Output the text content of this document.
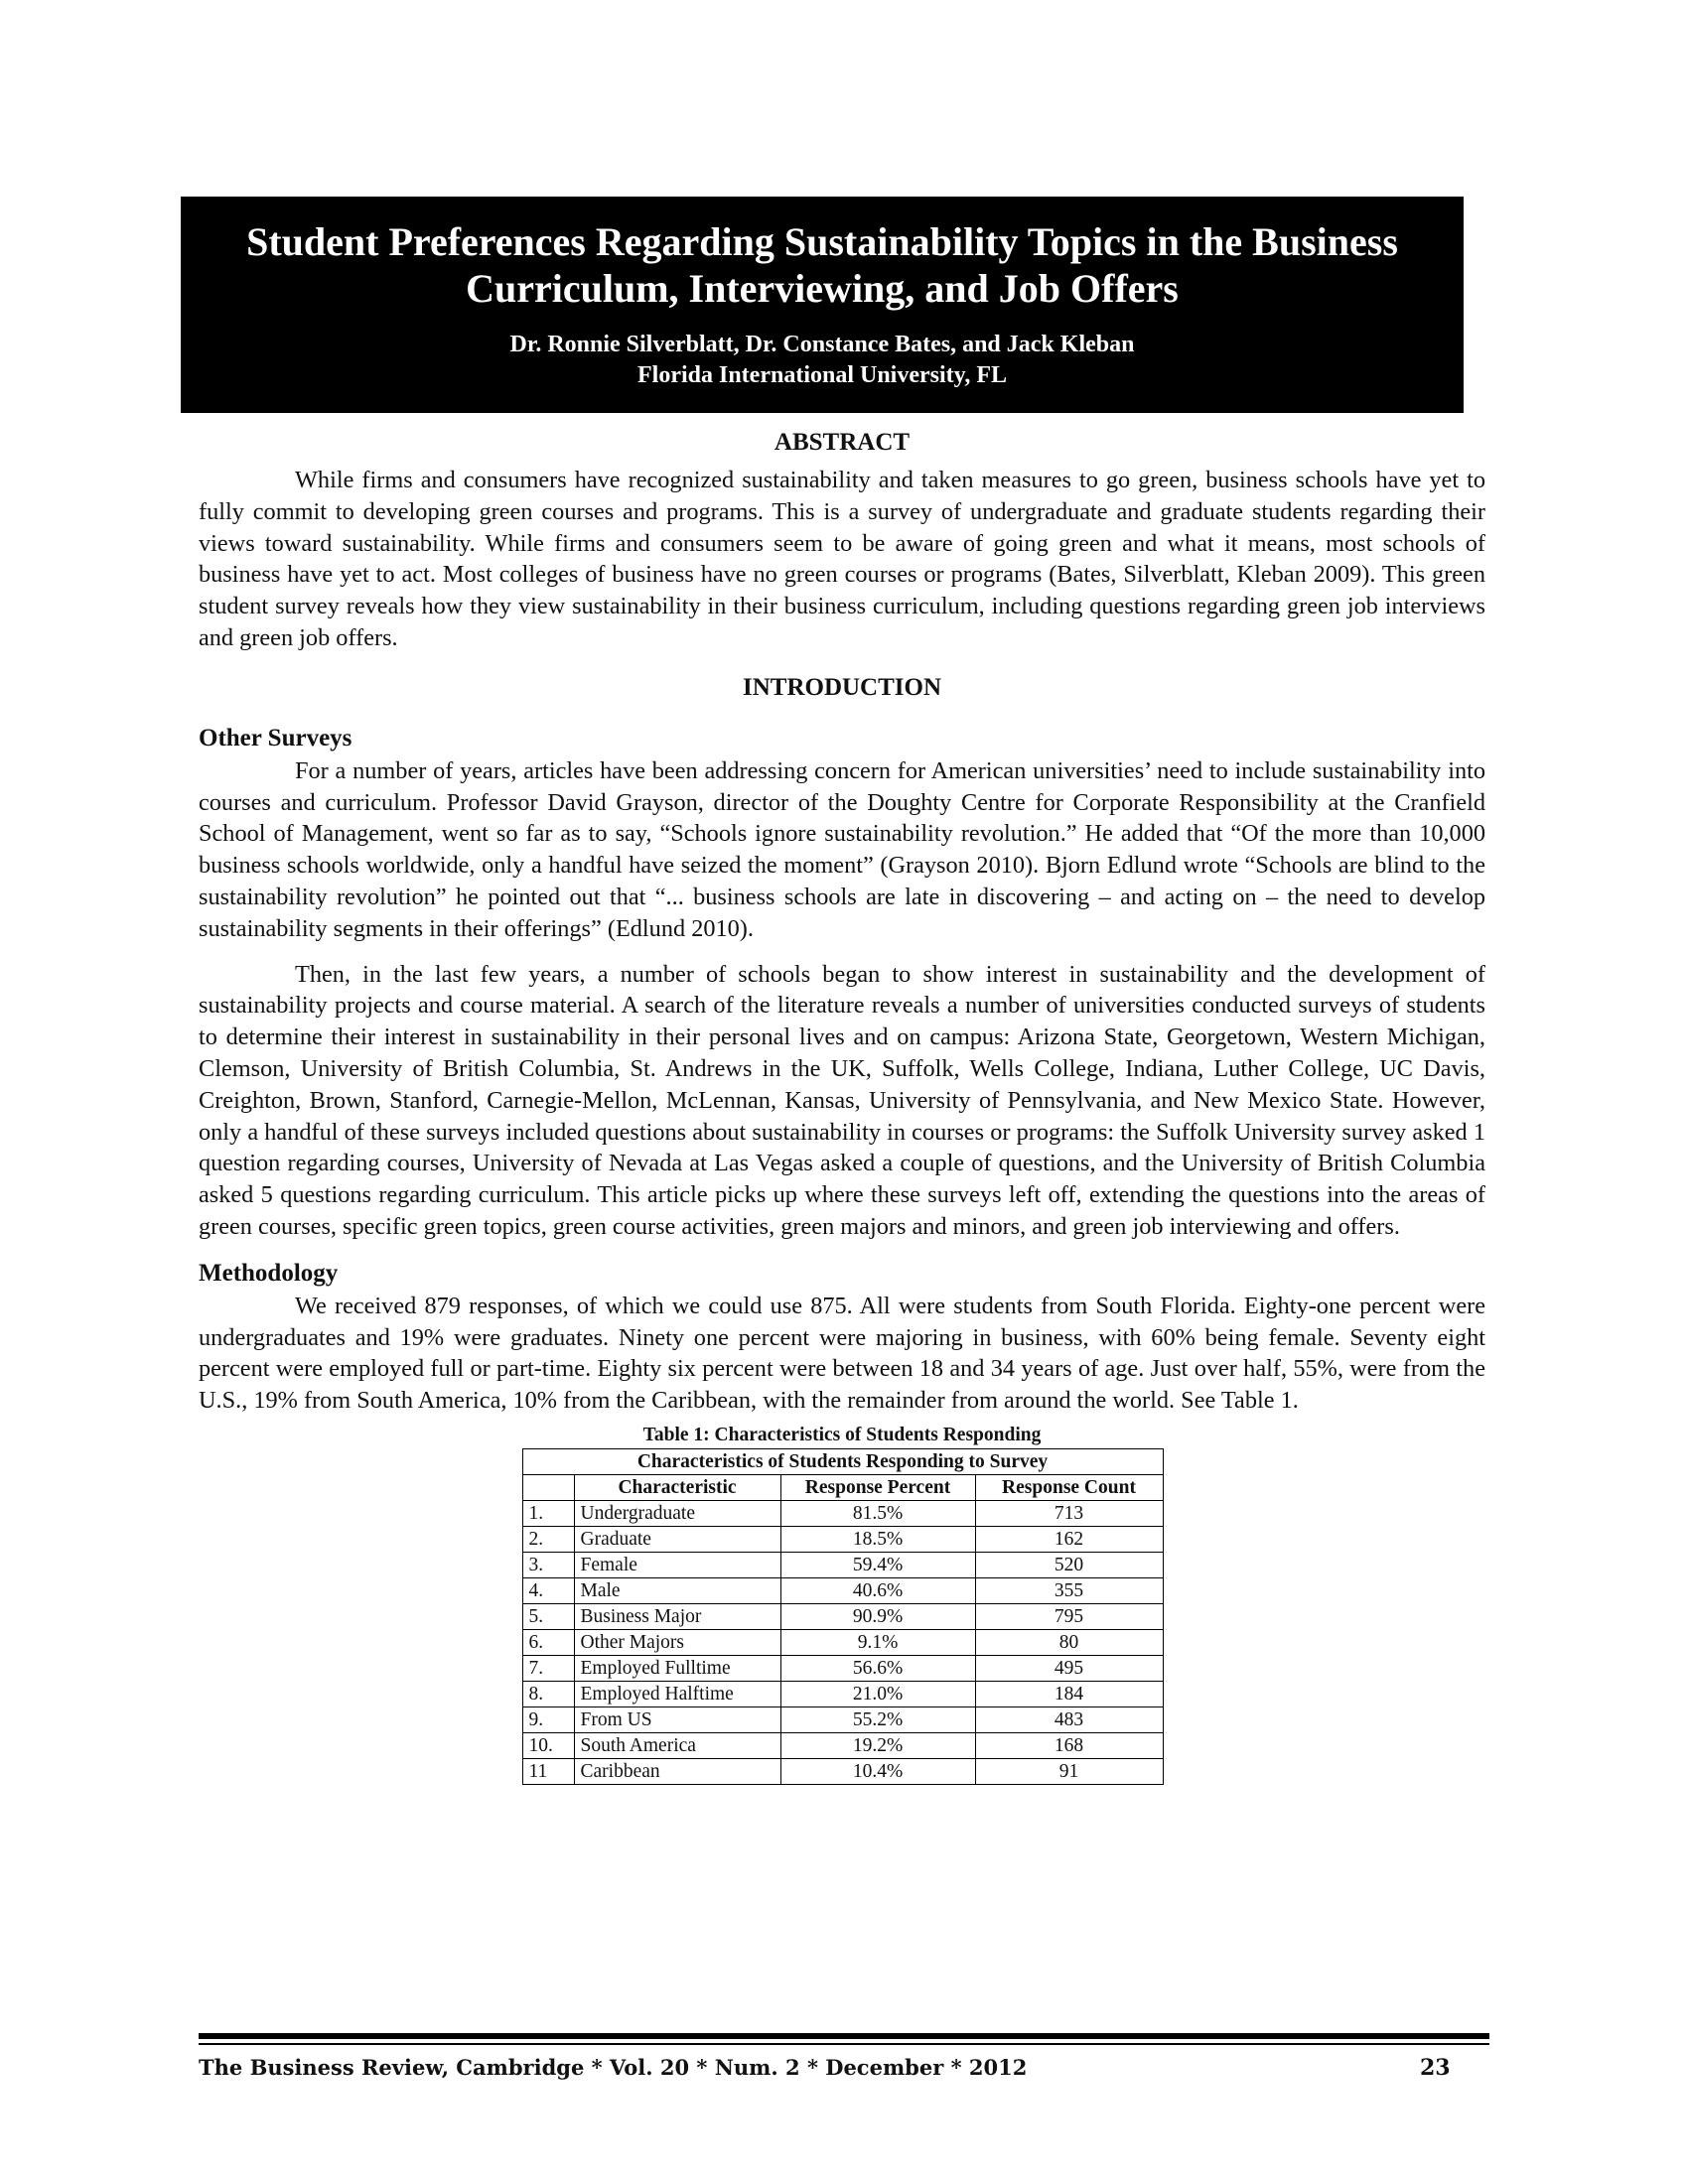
Student Preferences Regarding Sustainability Topics in the Business Curriculum, Interviewing, and Job Offers
Dr. Ronnie Silverblatt, Dr. Constance Bates, and Jack Kleban
Florida International University, FL
ABSTRACT

While firms and consumers have recognized sustainability and taken measures to go green, business schools have yet to fully commit to developing green courses and programs. This is a survey of undergraduate and graduate students regarding their views toward sustainability. While firms and consumers seem to be aware of going green and what it means, most schools of business have yet to act. Most colleges of business have no green courses or programs (Bates, Silverblatt, Kleban 2009). This green student survey reveals how they view sustainability in their business curriculum, including questions regarding green job interviews and green job offers.

INTRODUCTION
Other Surveys

For a number of years, articles have been addressing concern for American universities’ need to include sustainability into courses and curriculum. Professor David Grayson, director of the Doughty Centre for Corporate Responsibility at the Cranfield School of Management, went so far as to say, “Schools ignore sustainability revolution.” He added that “Of the more than 10,000 business schools worldwide, only a handful have seized the moment” (Grayson 2010). Bjorn Edlund wrote “Schools are blind to the sustainability revolution” he pointed out that “... business schools are late in discovering – and acting on – the need to develop sustainability segments in their offerings” (Edlund 2010).

Then, in the last few years, a number of schools began to show interest in sustainability and the development of sustainability projects and course material. A search of the literature reveals a number of universities conducted surveys of students to determine their interest in sustainability in their personal lives and on campus: Arizona State, Georgetown, Western Michigan, Clemson, University of British Columbia, St. Andrews in the UK, Suffolk, Wells College, Indiana, Luther College, UC Davis, Creighton, Brown, Stanford, Carnegie-Mellon, McLennan, Kansas, University of Pennsylvania, and New Mexico State. However, only a handful of these surveys included questions about sustainability in courses or programs: the Suffolk University survey asked 1 question regarding courses, University of Nevada at Las Vegas asked a couple of questions, and the University of British Columbia asked 5 questions regarding curriculum. This article picks up where these surveys left off, extending the questions into the areas of green courses, specific green topics, green course activities, green majors and minors, and green job interviewing and offers.

Methodology

We received 879 responses, of which we could use 875. All were students from South Florida. Eighty-one percent were undergraduates and 19% were graduates. Ninety one percent were majoring in business, with 60% being female. Seventy eight percent were employed full or part-time. Eighty six percent were between 18 and 34 years of age. Just over half, 55%, were from the U.S., 19% from South America, 10% from the Caribbean, with the remainder from around the world. See Table 1.

Table 1: Characteristics of Students Responding
Characteristics of Students Responding to Survey			
	Characteristic	Response Percent	Response Count
1.	Undergraduate	81.5%	713
2.	Graduate	18.5%	162
3.	Female	59.4%	520
4.	Male	40.6%	355
5.	Business Major	90.9%	795
6.	Other Majors	9.1%	80
7.	Employed Fulltime	56.6%	495
8.	Employed Halftime	21.0%	184
9.	From US	55.2%	483
10.	South America	19.2%	168
11	Caribbean	10.4%	91
The Business Review, Cambridge * Vol. 20 * Num. 2 * December * 2012	23
